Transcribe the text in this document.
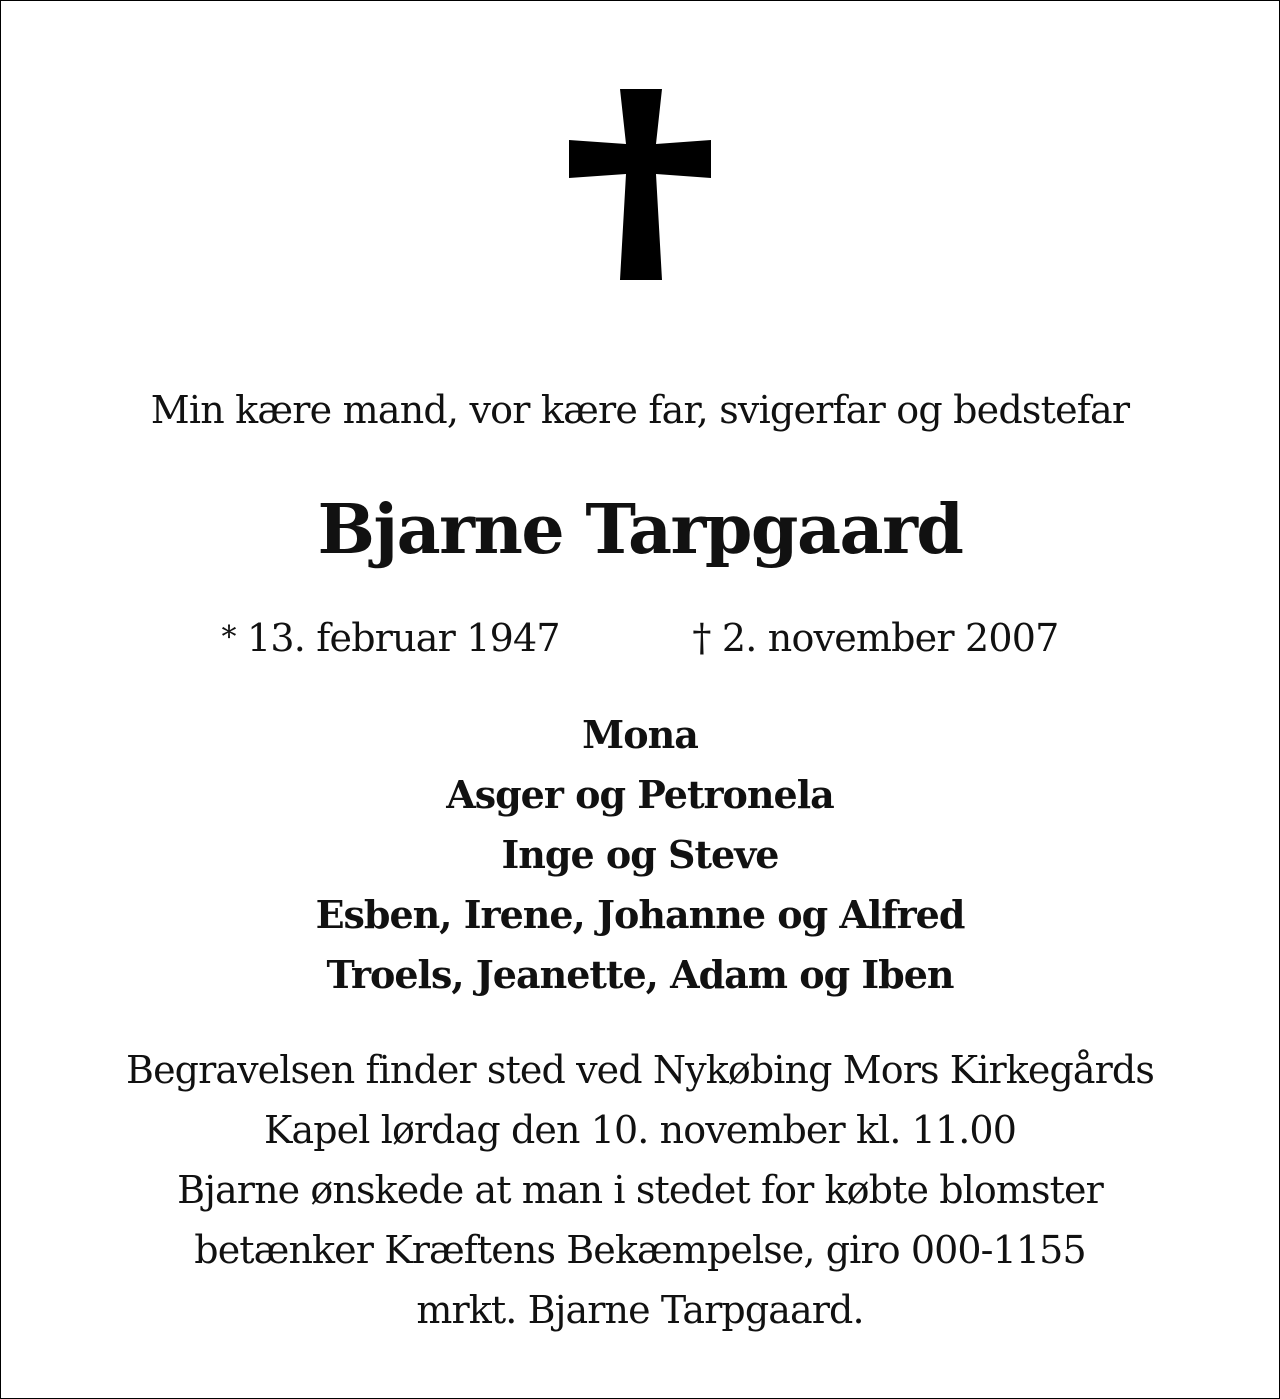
Min kære mand, vor kære far, svigerfar og bedstefar
Bjarne Tarpgaard
* 13. februar 1947	† 2. november 2007
Mona
Asger og Petronela
Inge og Steve
Esben, Irene, Johanne og Alfred
Troels, Jeanette, Adam og Iben
Begravelsen finder sted ved Nykøbing Mors Kirkegårds
Kapel lørdag den 10. november kl. 11.00
Bjarne ønskede at man i stedet for købte blomster
betænker Kræftens Bekæmpelse, giro 000-1155
mrkt. Bjarne Tarpgaard.
